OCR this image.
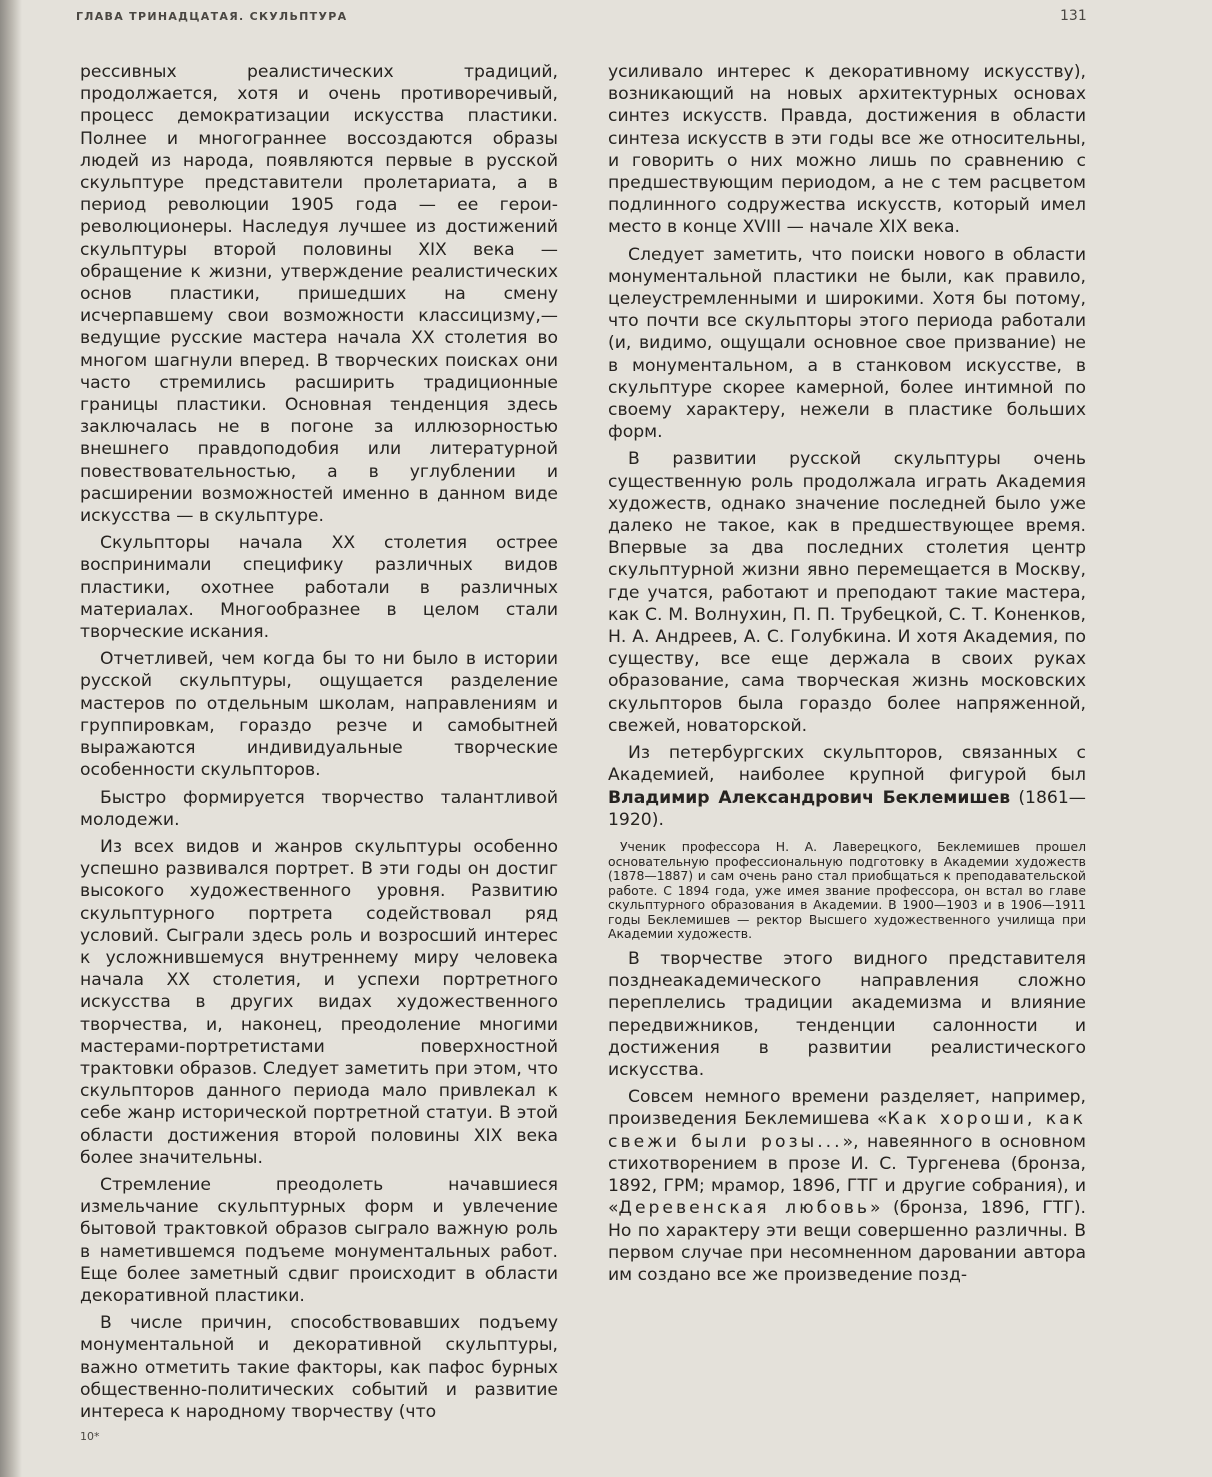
ГЛАВА ТРИНАДЦАТАЯ. СКУЛЬПТУРА	131

рессивных реалистических традиций, продолжается, хотя и очень противоречивый, процесс демократизации искусства пластики. Полнее и многограннее воссоздаются образы людей из народа, появляются первые в русской скульптуре представители пролетариата, а в период революции 1905 года — ее герои-революционеры. Наследуя лучшее из достижений скульптуры второй половины XIX века — обращение к жизни, утверждение реалистических основ пластики, пришедших на смену исчерпавшему свои возможности классицизму,— ведущие русские мастера начала XX столетия во многом шагнули вперед. В творческих поисках они часто стремились расширить традиционные границы пластики. Основная тенденция здесь заключалась не в погоне за иллюзорностью внешнего правдоподобия или литературной повествовательностью, а в углублении и расширении возможностей именно в данном виде искусства — в скульптуре.

Скульпторы начала XX столетия острее воспринимали специфику различных видов пластики, охотнее работали в различных материалах. Многообразнее в целом стали творческие искания.

Отчетливей, чем когда бы то ни было в истории русской скульптуры, ощущается разделение мастеров по отдельным школам, направлениям и группировкам, гораздо резче и самобытней выражаются индивидуальные творческие особенности скульпторов.

Быстро формируется творчество талантливой молодежи.

Из всех видов и жанров скульптуры особенно успешно развивался портрет. В эти годы он достиг высокого художественного уровня. Развитию скульптурного портрета содействовал ряд условий. Сыграли здесь роль и возросший интерес к усложнившемуся внутреннему миру человека начала XX столетия, и успехи портретного искусства в других видах художественного творчества, и, наконец, преодоление многими мастерами-портретистами поверхностной трактовки образов. Следует заметить при этом, что скульпторов данного периода мало привлекал к себе жанр исторической портретной статуи. В этой области достижения второй половины XIX века более значительны.

Стремление преодолеть начавшиеся измельчание скульптурных форм и увлечение бытовой трактовкой образов сыграло важную роль в наметившемся подъеме монументальных работ. Еще более заметный сдвиг происходит в области декоративной пластики.

В числе причин, способствовавших подъему монументальной и декоративной скульптуры, важно отметить такие факторы, как пафос бурных общественно-политических событий и развитие интереса к народному творчеству (что

усиливало интерес к декоративному искусству), возникающий на новых архитектурных основах синтез искусств. Правда, достижения в области синтеза искусств в эти годы все же относительны, и говорить о них можно лишь по сравнению с предшествующим периодом, а не с тем расцветом подлинного содружества искусств, который имел место в конце XVIII — начале XIX века.

Следует заметить, что поиски нового в области монументальной пластики не были, как правило, целеустремленными и широкими. Хотя бы потому, что почти все скульпторы этого периода работали (и, видимо, ощущали основное свое призвание) не в монументальном, а в станковом искусстве, в скульптуре скорее камерной, более интимной по своему характеру, нежели в пластике больших форм.

В развитии русской скульптуры очень существенную роль продолжала играть Академия художеств, однако значение последней было уже далеко не такое, как в предшествующее время. Впервые за два последних столетия центр скульптурной жизни явно перемещается в Москву, где учатся, работают и преподают такие мастера, как С. М. Волнухин, П. П. Трубецкой, С. Т. Коненков, Н. А. Андреев, А. С. Голубкина. И хотя Академия, по существу, все еще держала в своих руках образование, сама творческая жизнь московских скульпторов была гораздо более напряженной, свежей, новаторской.

Из петербургских скульпторов, связанных с Академией, наиболее крупной фигурой был Владимир Александрович Беклемишев (1861—1920).

Ученик профессора Н. А. Лаверецкого, Беклемишев прошел основательную профессиональную подготовку в Академии художеств (1878—1887) и сам очень рано стал приобщаться к преподавательской работе. С 1894 года, уже имея звание профессора, он встал во главе скульптурного образования в Академии. В 1900—1903 и в 1906—1911 годы Беклемишев — ректор Высшего художественного училища при Академии художеств.

В творчестве этого видного представителя позднеакадемического направления сложно переплелись традиции академизма и влияние передвижников, тенденции салонности и достижения в развитии реалистического искусства.

Совсем немного времени разделяет, например, произведения Беклемишева «Как хороши, как свежи были розы...», навеянного в основном стихотворением в прозе И. С. Тургенева (бронза, 1892, ГРМ; мрамор, 1896, ГТГ и другие собрания), и «Деревенская любовь» (бронза, 1896, ГТГ). Но по характеру эти вещи совершенно различны. В первом случае при несомненном даровании автора им создано все же произведение позд-

10*
